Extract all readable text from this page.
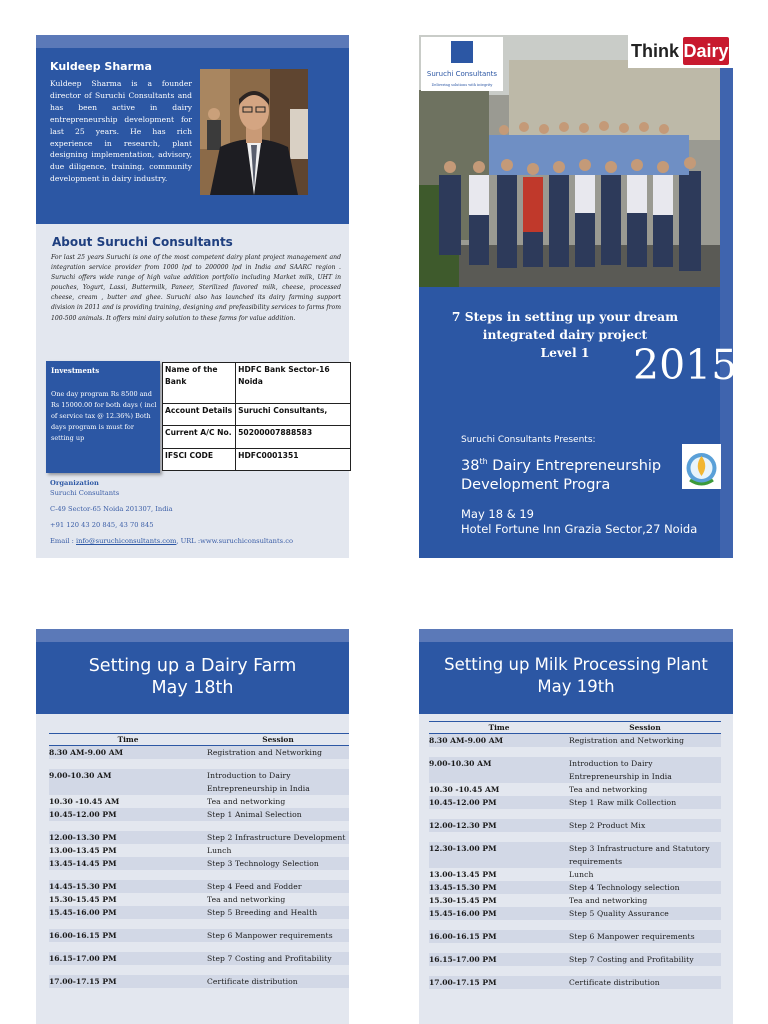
Kuldeep Sharma
Kuldeep Sharma is a founder director of Suruchi Consultants and has been active in dairy entrepreneurship development for last 25 years. He has rich experience in research, plant designing implementation, advisory, due diligence, training, community development in dairy industry.
About Suruchi Consultants
For last 25 years Suruchi is one of the most competent dairy plant project management and integration service provider from 1000 lpd to 200000 lpd in India and SAARC region . Suruchi offers wide range of high value addition portfolio including Market milk, UHT in pouches, Yogurt, Lassi, Buttermilk, Paneer, Sterilized flavored milk, cheese, processed cheese, cream , butter and ghee. Suruchi also has launched its dairy farming support division in 2011 and is providing training, designing and prefeasibility services to farms from 100-500 animals. It offers mini dairy solution to these farms for value addition.
Investments
One day program Rs 8500 and Rs 15000.00 for both days ( incl of service tax @ 12.36%) Both days program is must for setting up
Name of the Bank	HDFC Bank Sector-16 Noida
Account Details	Suruchi Consultants,
Current A/C No.	50200007888583
IFSCI CODE	HDFC0001351
Organization
Suruchi Consultants
C-49 Sector-65 Noida 201307, India
+91 120 43 20 845, 43 70 845
Email : info@suruchiconsultants.com, URL :www.suruchiconsultants.co
Suruchi Consultants
Delivering solutions with integrity
Think Dairy
7 Steps in setting up your dream
integrated dairy project
Level 1	2015
Suruchi Consultants Presents:
38th Dairy Entrepreneurship Development Progra
May 18 & 19
Hotel Fortune Inn Grazia Sector,27 Noida
Setting up a Dairy Farm
May 18th
Time	Session
8.30 AM-9.00 AM	Registration and Networking

9.00-10.30 AM	Introduction to Dairy Entrepreneurship in India
10.30 -10.45 AM	Tea and networking
10.45-12.00 PM	Step 1 Animal Selection

12.00-13.30 PM	Step 2 Infrastructure Development
13.00-13.45 PM	Lunch
13.45-14.45 PM	Step 3 Technology Selection

14.45-15.30 PM	Step 4 Feed and Fodder
15.30-15.45 PM	Tea and networking
15.45-16.00 PM	Step 5 Breeding and Health

16.00-16.15 PM	Step 6 Manpower requirements

16.15-17.00 PM	Step 7 Costing and Profitability

17.00-17.15 PM	Certificate distribution
Setting up Milk Processing Plant
May 19th
Time	Session
8.30 AM-9.00 AM	Registration and Networking

9.00-10.30 AM	Introduction to Dairy Entrepreneurship in India
10.30 -10.45 AM	Tea and networking
10.45-12.00 PM	Step 1 Raw milk Collection

12.00-12.30 PM	Step 2 Product Mix

12.30-13.00 PM	Step 3 Infrastructure and Statutory requirements
13.00-13.45 PM	Lunch
13.45-15.30 PM	Step 4 Technology selection
15.30-15.45 PM	Tea and networking
15.45-16.00 PM	Step 5 Quality Assurance

16.00-16.15 PM	Step 6 Manpower requirements

16.15-17.00 PM	Step 7 Costing and Profitability

17.00-17.15 PM	Certificate distribution
